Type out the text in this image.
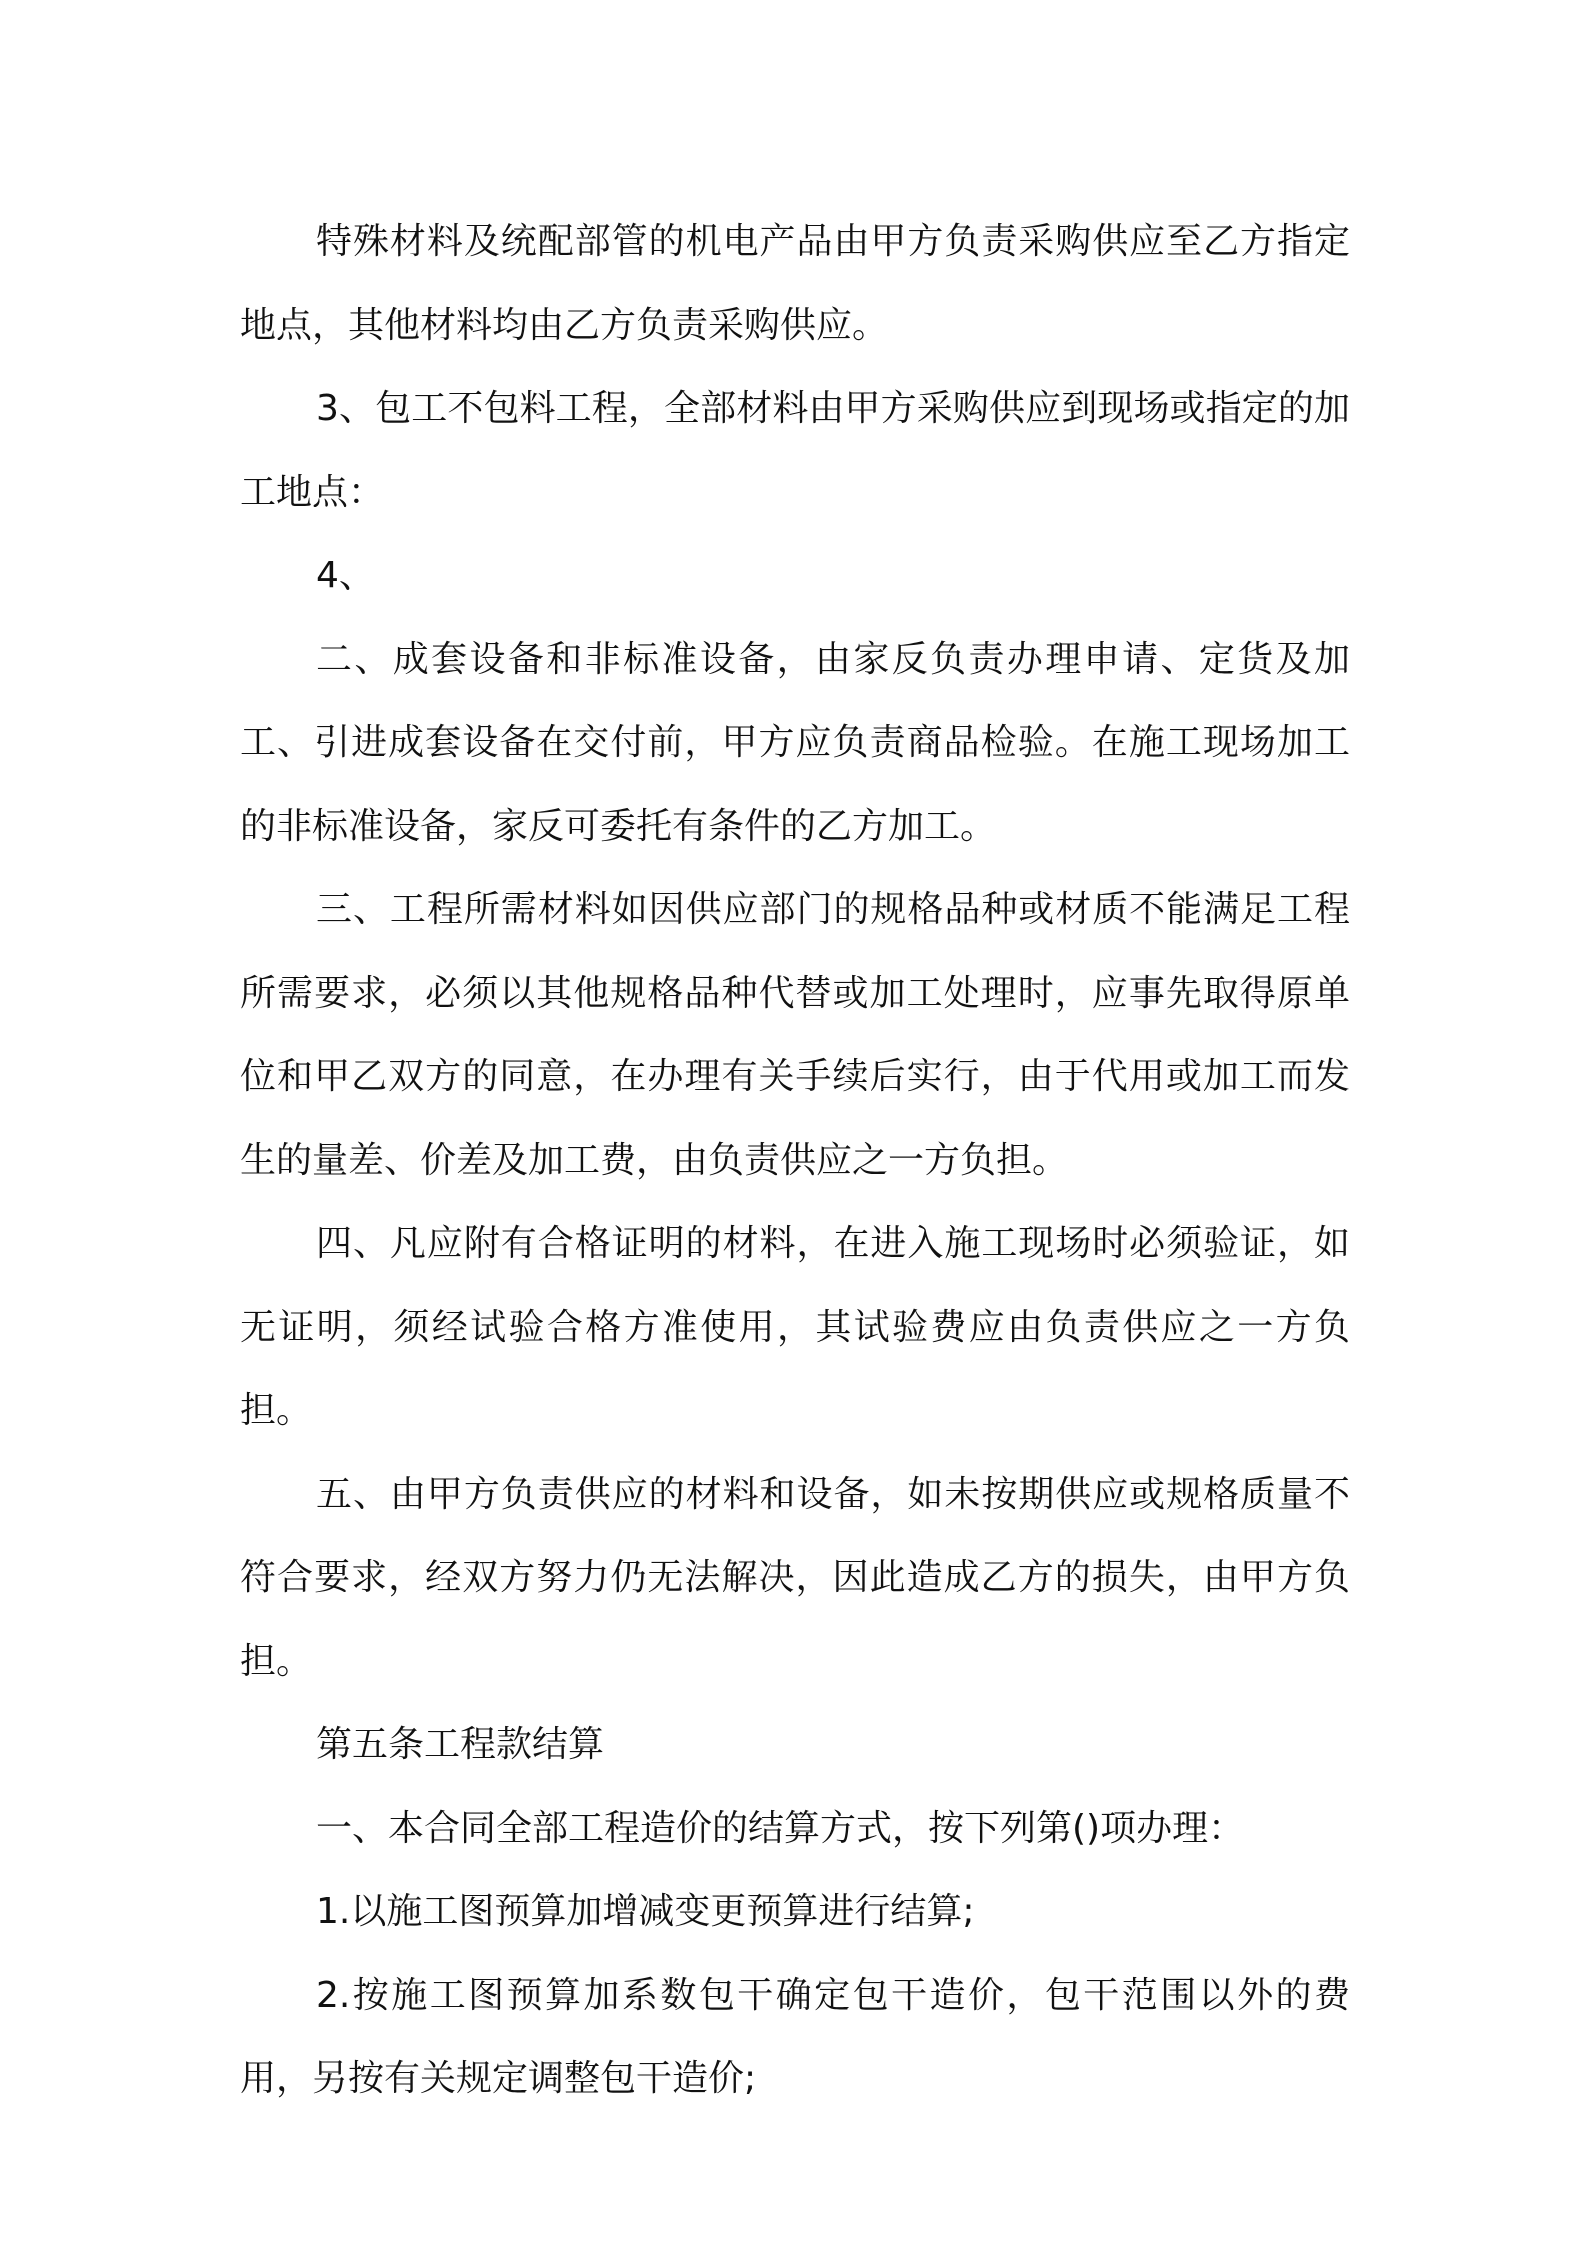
特殊材料及统配部管的机电产品由甲方负责采购供应至乙方指定地点，其他材料均由乙方负责采购供应。

3、包工不包料工程，全部材料由甲方采购供应到现场或指定的加工地点：

4、

二、成套设备和非标准设备，由家反负责办理申请、定货及加工、引进成套设备在交付前，甲方应负责商品检验。在施工现场加工的非标准设备，家反可委托有条件的乙方加工。

三、工程所需材料如因供应部门的规格品种或材质不能满足工程所需要求，必须以其他规格品种代替或加工处理时，应事先取得原单位和甲乙双方的同意，在办理有关手续后实行，由于代用或加工而发生的量差、价差及加工费，由负责供应之一方负担。

四、凡应附有合格证明的材料，在进入施工现场时必须验证，如无证明，须经试验合格方准使用，其试验费应由负责供应之一方负担。

五、由甲方负责供应的材料和设备，如未按期供应或规格质量不符合要求，经双方努力仍无法解决，因此造成乙方的损失，由甲方负担。

第五条工程款结算

一、本合同全部工程造价的结算方式，按下列第()项办理：

1.以施工图预算加增减变更预算进行结算;

2.按施工图预算加系数包干确定包干造价，包干范围以外的费用，另按有关规定调整包干造价;
